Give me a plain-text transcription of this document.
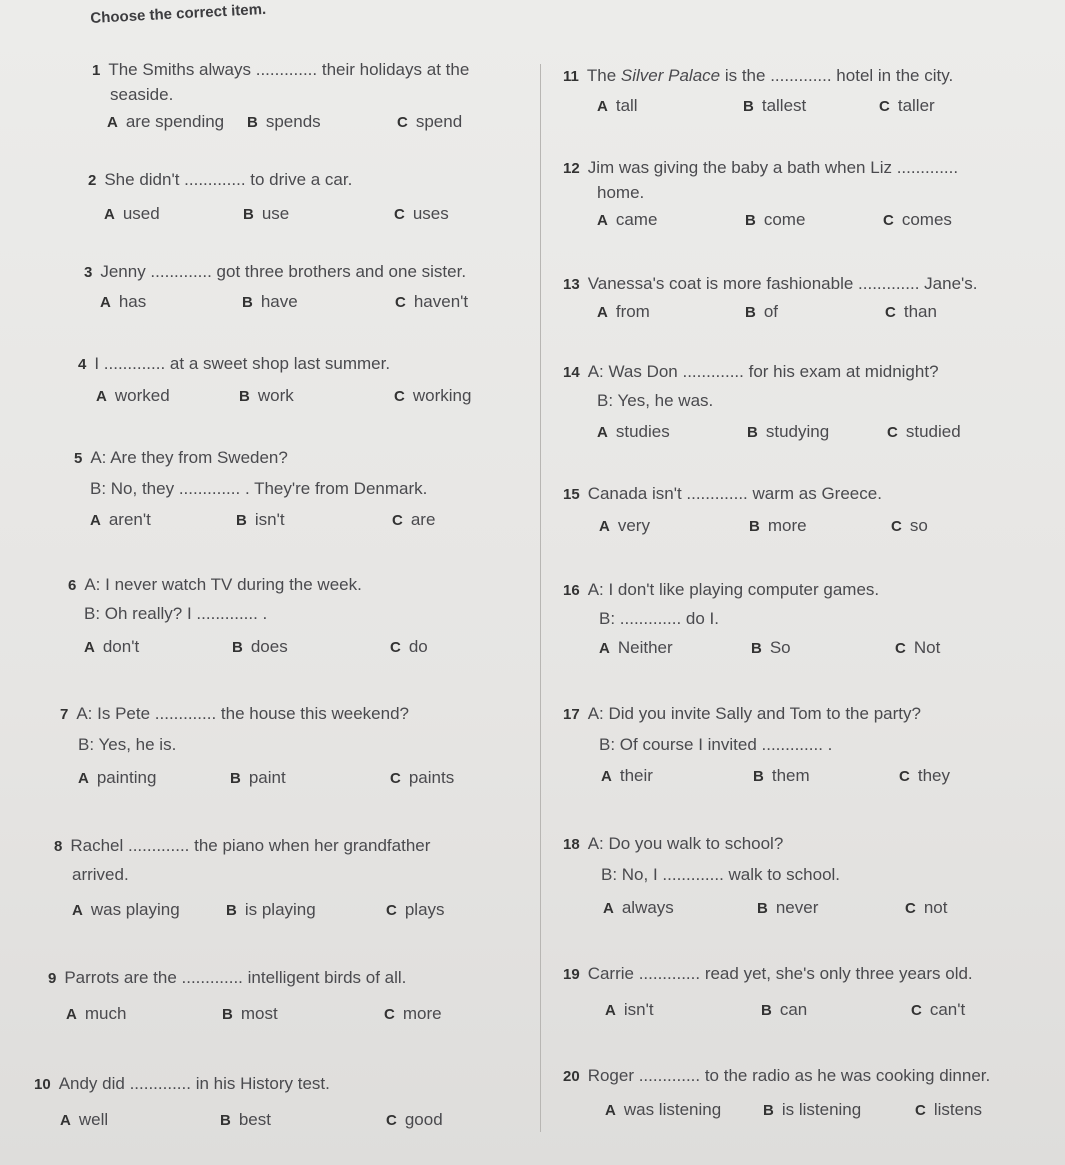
Choose the correct item.
1 The Smiths always ............. their holidays at the
seaside.
A are spending B spends	C spend
2 She didn't ............. to drive a car.
A used	B use	C uses
3 Jenny ............. got three brothers and one sister.
A has	B have	C haven't
4 I ............. at a sweet shop last summer.
A worked	B work	C working
5 A: Are they from Sweden?
B: No, they ............. . They're from Denmark.
A aren't	B isn't	C are
6 A: I never watch TV during the week.
B: Oh really? I ............. .
A don't	B does	C do
7 A: Is Pete ............. the house this weekend?
B: Yes, he is.
A painting	B paint	C paints
8 Rachel ............. the piano when her grandfather
arrived.
A was playing	B is playing	C plays
9 Parrots are the ............. intelligent birds of all.
A much	B most	C more
10 Andy did ............. in his History test.
A well	B best	C good
11 The Silver Palace is the ............. hotel in the city.
A tall	B tallest	C taller
12 Jim was giving the baby a bath when Liz .............
home.
A came	B come	C comes
13 Vanessa's coat is more fashionable ............. Jane's.
A from	B of	C than
14 A: Was Don ............. for his exam at midnight?
B: Yes, he was.
A studies	B studying	C studied
15 Canada isn't ............. warm as Greece.
A very	B more	C so
16 A: I don't like playing computer games.
B: ............. do I.
A Neither	B So	C Not
17 A: Did you invite Sally and Tom to the party?
B: Of course I invited ............. .
A their	B them	C they
18 A: Do you walk to school?
B: No, I ............. walk to school.
A always	B never	C not
19 Carrie ............. read yet, she's only three years old.
A isn't	B can	C can't
20 Roger ............. to the radio as he was cooking dinner.
A was listening	B is listening	C listens
